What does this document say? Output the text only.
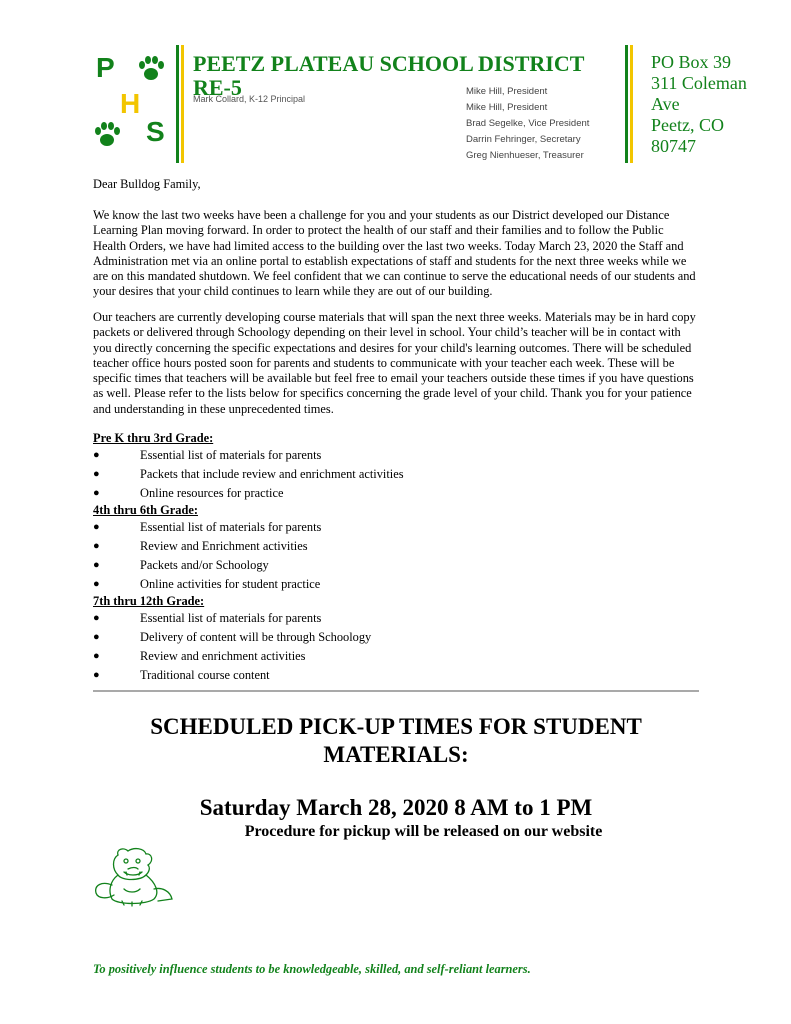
P
H
S
PEETZ PLATEAU SCHOOL DISTRICT RE-5
Mark Collard, K-12 Principal
Mike Hill, President
Mike Hill, President
Brad Segelke, Vice President
Darrin Fehringer, Secretary
Greg Nienhueser, Treasurer
PO Box 39
311 Coleman
Ave
Peetz, CO
80747

Dear Bulldog Family,

We know the last two weeks have been a challenge for you and your students as our District developed our Distance Learning Plan moving forward. In order to protect the health of our staff and their families and to follow the Public Health Orders, we have had limited access to the building over the last two weeks. Today March 23, 2020 the Staff and Administration met via an online portal to establish expectations of staff and students for the next three weeks while we are on this mandated shutdown. We feel confident that we can continue to serve the educational needs of our students and your desires that your child continues to learn while they are out of our building.

Our teachers are currently developing course materials that will span the next three weeks. Materials may be in hard copy packets or delivered through Schoology depending on their level in school. Your child’s teacher will be in contact with you directly concerning the specific expectations and desires for your child's learning outcomes. There will be scheduled teacher office hours posted soon for parents and students to communicate with your teacher each week. These will be specific times that teachers will be available but feel free to email your teachers outside these times if you have questions as well. Please refer to the lists below for specifics concerning the grade level of your child. Thank you for your patience and understanding in these unprecedented times.

Pre K thru 3rd Grade:

●	Essential list of materials for parents
●	Packets that include review and enrichment activities
●	Online resources for practice

4th thru 6th Grade:

●	Essential list of materials for parents
●	Review and Enrichment activities
●	Packets and/or Schoology
●	Online activities for student practice

7th thru 12th Grade:

●	Essential list of materials for parents
●	Delivery of content will be through Schoology
●	Review and enrichment activities
●	Traditional course content
SCHEDULED PICK-UP TIMES FOR STUDENT
MATERIALS:
Saturday March 28, 2020 8 AM to 1 PM
Procedure for pickup will be released on our website
To positively influence students to be knowledgeable, skilled, and self-reliant learners.
